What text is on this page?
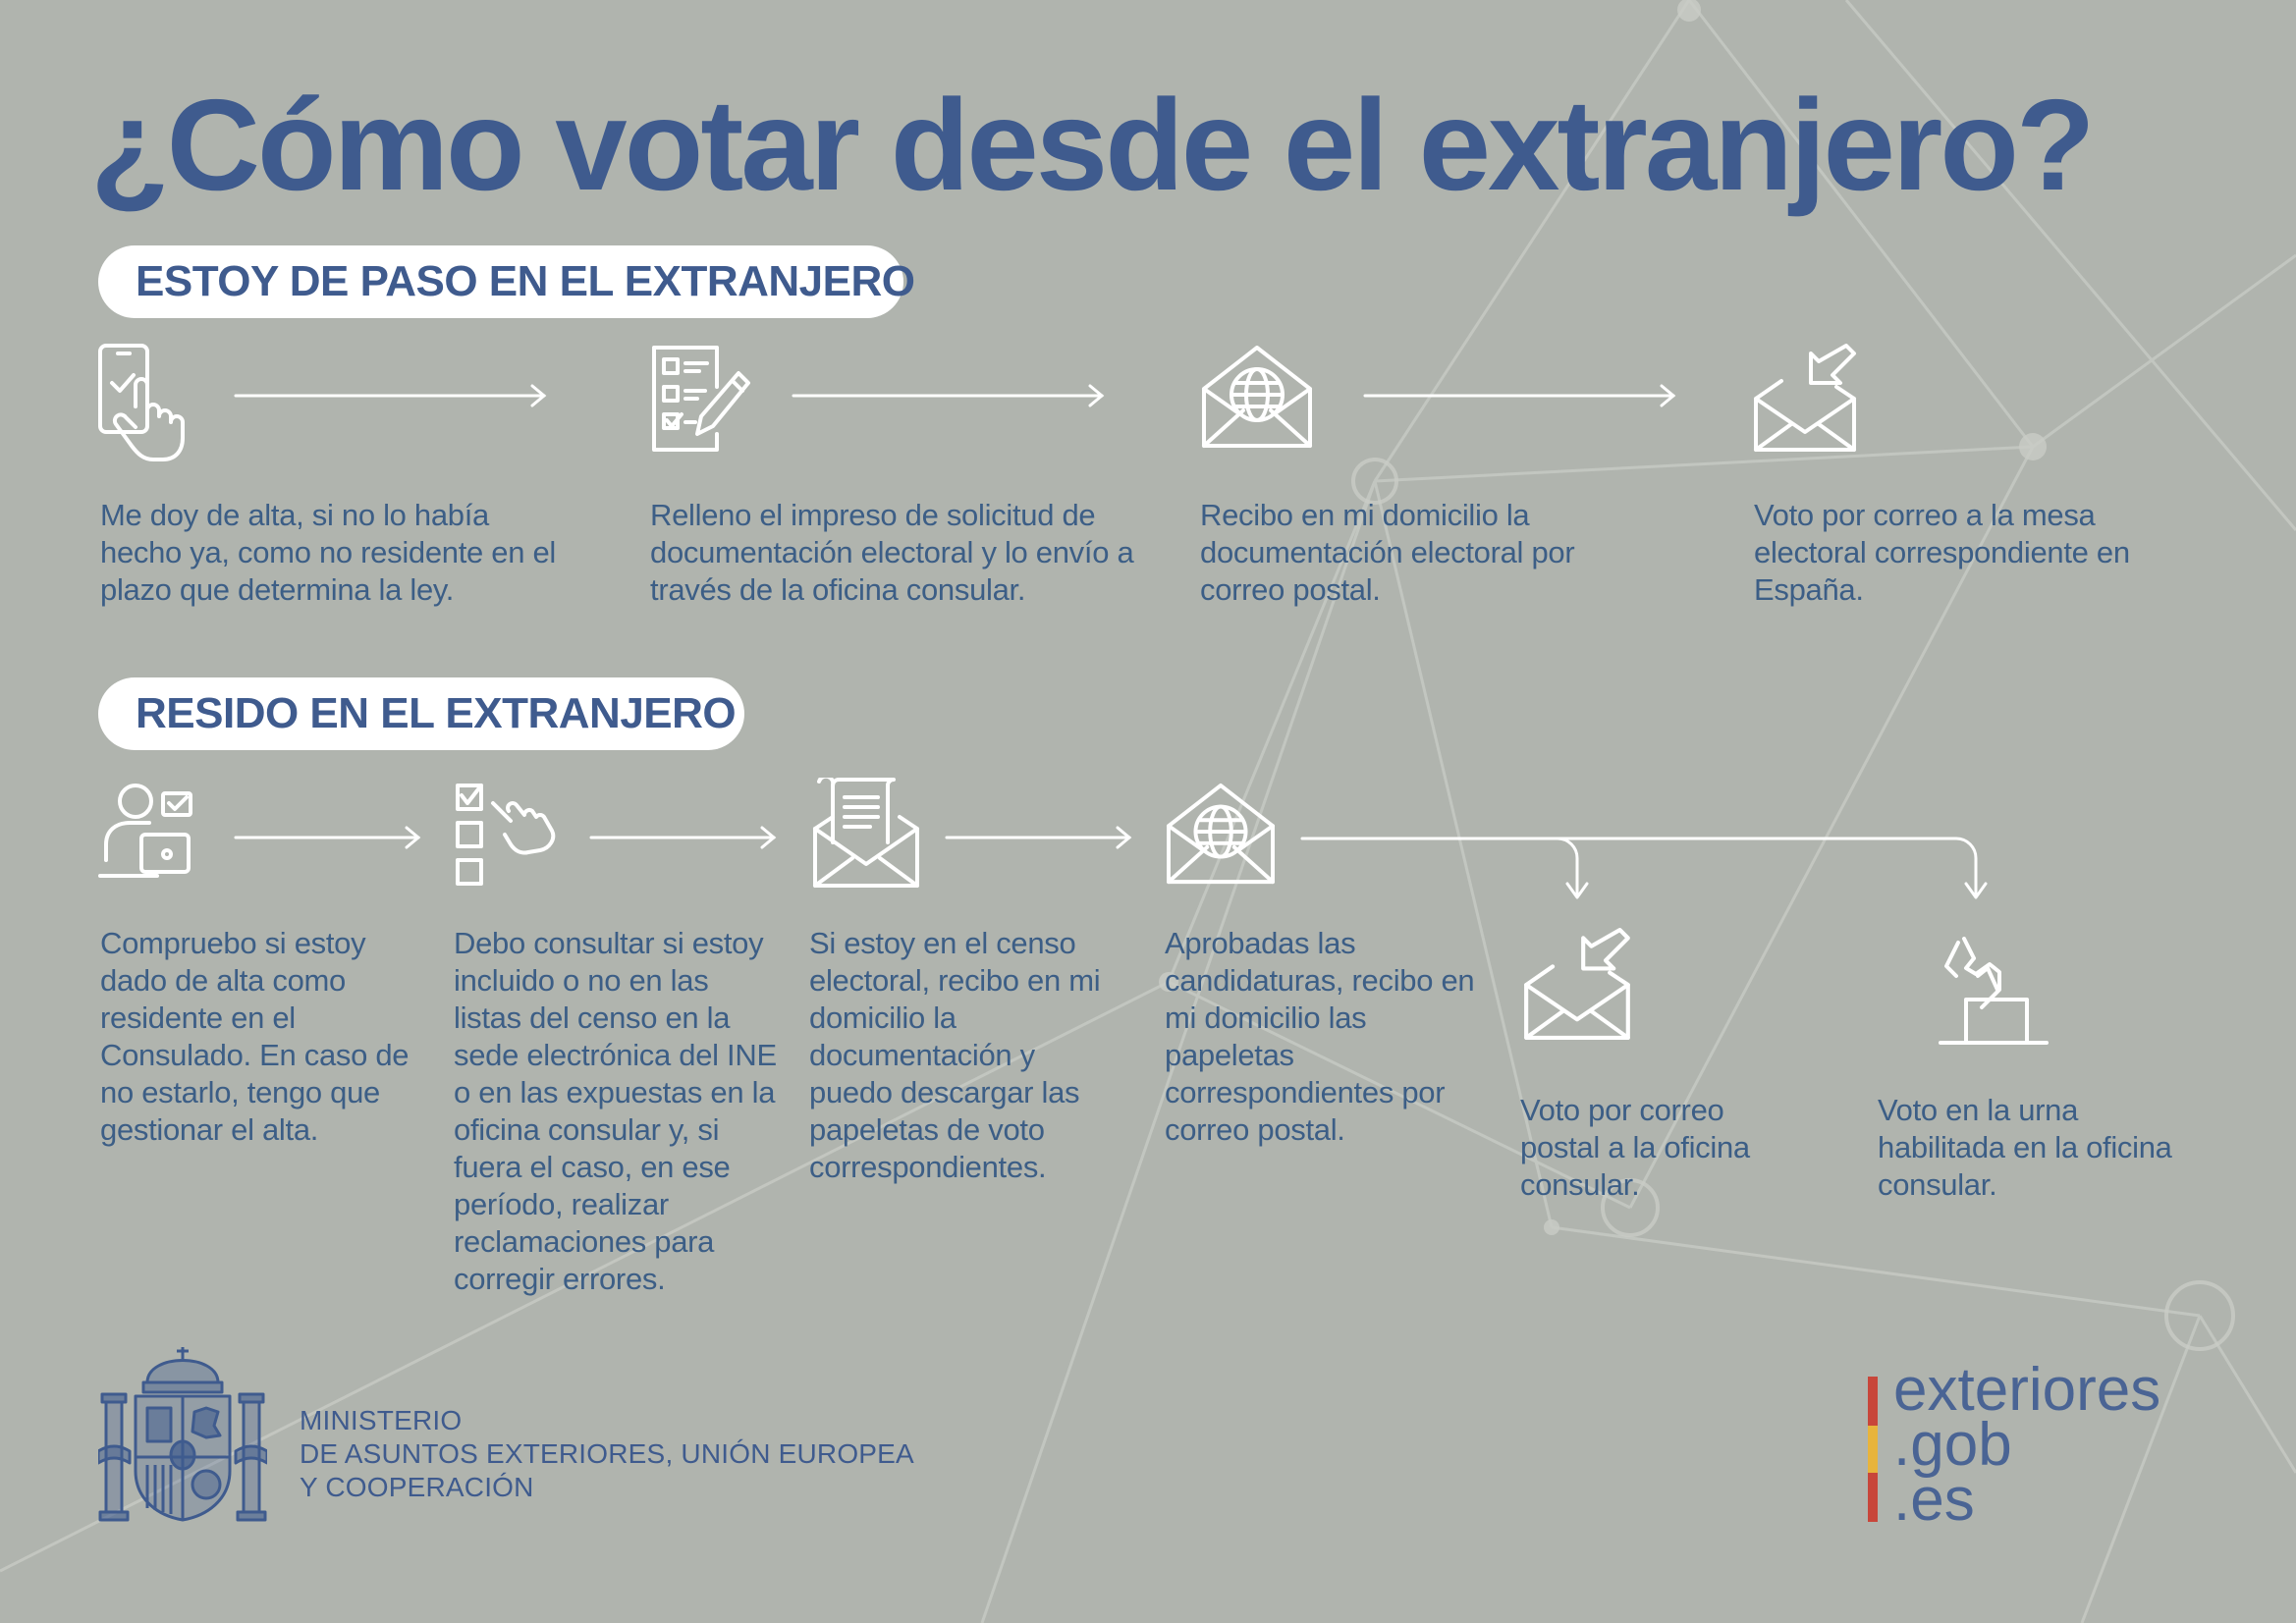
¿Cómo votar desde el extranjero?
ESTOY DE PASO EN EL EXTRANJERO

Me doy de alta, si no lo había hecho ya, como no residente en el plazo que determina la ley.

Relleno el impreso de solicitud de documentación electoral y lo envío a través de la oficina consular.

Recibo en mi domicilio la documentación electoral por correo postal.

Voto por correo a la mesa electoral correspondiente en España.

RESIDO EN EL EXTRANJERO

Compruebo si estoy dado de alta como residente en el Consulado. En caso de no estarlo, tengo que gestionar el alta.

Debo consultar si estoy incluido o no en las listas del censo en la sede electrónica del INE o en las expuestas en la oficina consular y, si fuera el caso, en ese período, realizar reclamaciones para corregir errores.

Si estoy en el censo electoral, recibo en mi domicilio la documentación y puedo descargar las papeletas de voto correspondientes.

Aprobadas las candidaturas, recibo en mi domicilio las papeletas correspondientes por correo postal.

Voto por correo postal a la oficina consular.

Voto en la urna habilitada en la oficina consular.

MINISTERIO
DE ASUNTOS EXTERIORES, UNIÓN EUROPEA
Y COOPERACIÓN

exteriores
.gob
.es
